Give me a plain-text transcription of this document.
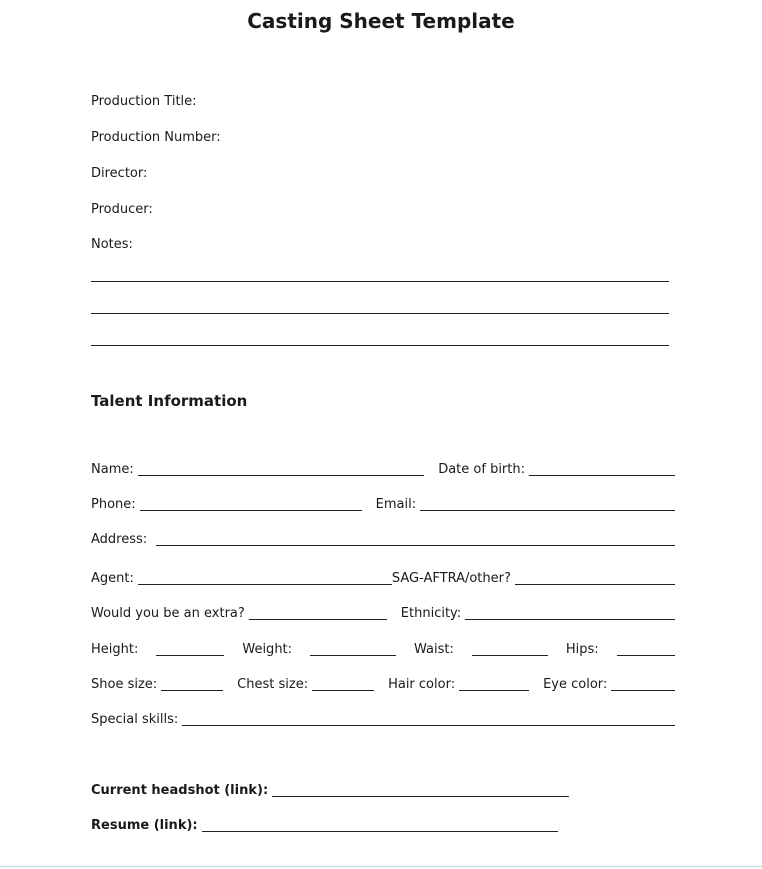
Casting Sheet Template
Production Title:
Production Number:
Director:
Producer:
Notes:
Talent Information
Name:	Date of birth:
Phone:	Email:
Address:
Agent:	SAG-AFTRA/other?
Would you be an extra?	Ethnicity:
Height:	Weight:	Waist:	Hips:
Shoe size:	Chest size:	Hair color:	Eye color:
Special skills:
Current headshot (link):
Resume (link):
